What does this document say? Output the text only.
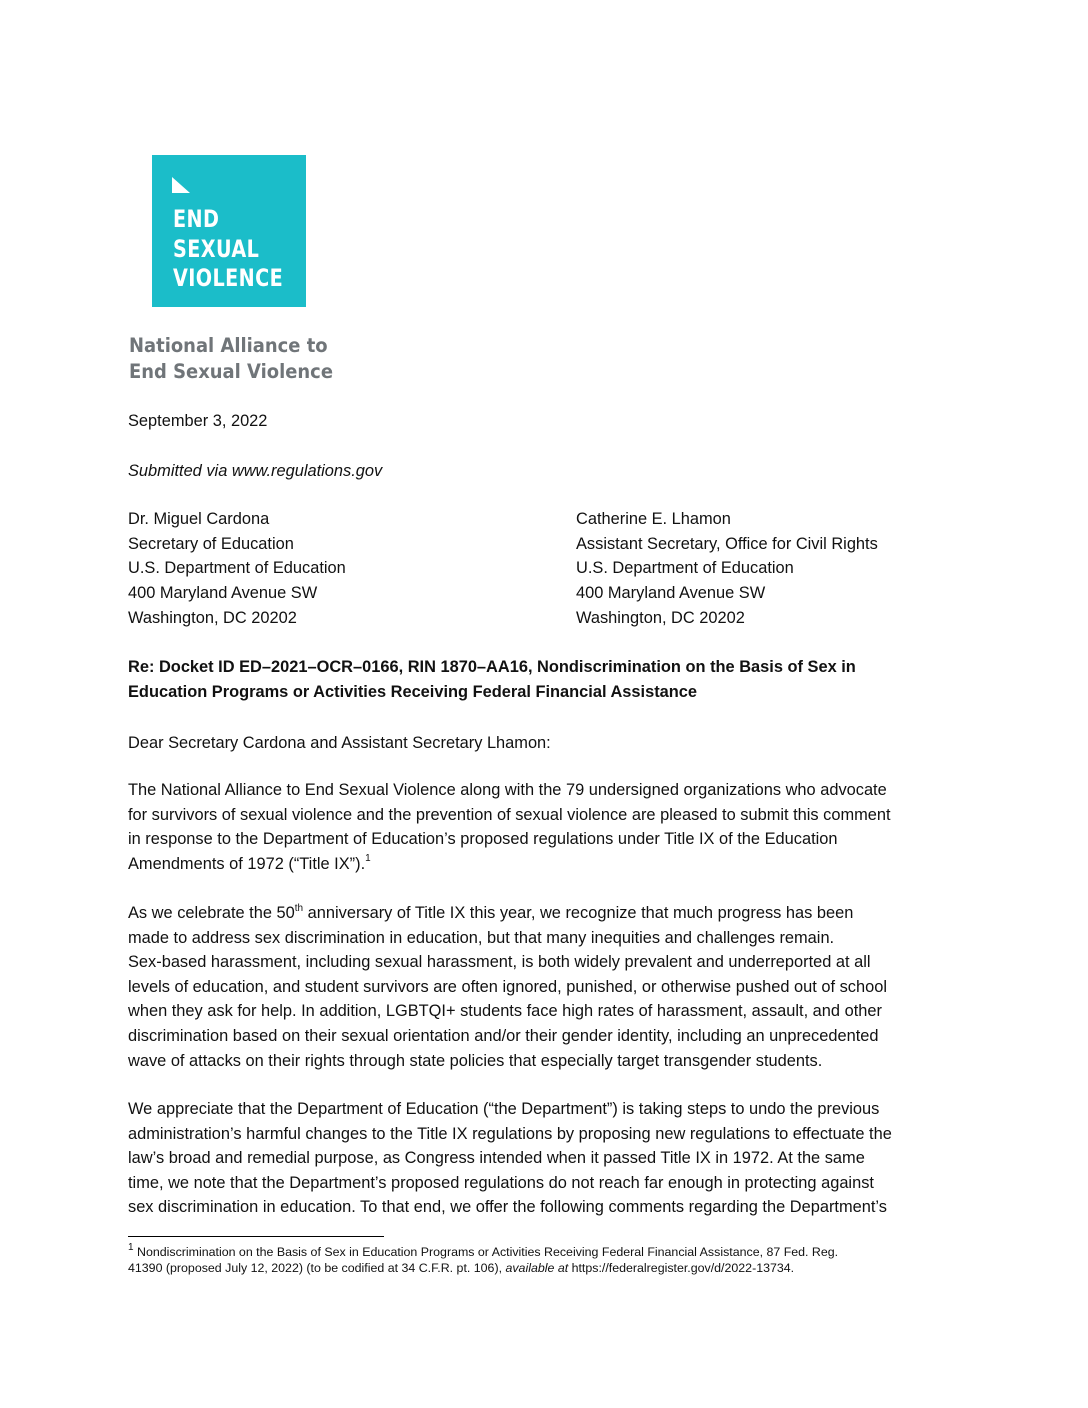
END
SEXUAL
VIOLENCE
National Alliance to
End Sexual Violence
September 3, 2022
Submitted via www.regulations.gov
Dr. Miguel Cardona
Secretary of Education
U.S. Department of Education
400 Maryland Avenue SW
Washington, DC 20202
Catherine E. Lhamon
Assistant Secretary, Office for Civil Rights
U.S. Department of Education
400 Maryland Avenue SW
Washington, DC 20202
Re: Docket ID ED–2021–OCR–0166, RIN 1870–AA16, Nondiscrimination on the Basis of Sex in
Education Programs or Activities Receiving Federal Financial Assistance
Dear Secretary Cardona and Assistant Secretary Lhamon:
The National Alliance to End Sexual Violence along with the 79 undersigned organizations who advocate
for survivors of sexual violence and the prevention of sexual violence are pleased to submit this comment
in response to the Department of Education’s proposed regulations under Title IX of the Education
Amendments of 1972 (“Title IX”).$^1$
As we celebrate the 50th anniversary of Title IX this year, we recognize that much progress has been
made to address sex discrimination in education, but that many inequities and challenges remain.
Sex-based harassment, including sexual harassment, is both widely prevalent and underreported at all
levels of education, and student survivors are often ignored, punished, or otherwise pushed out of school
when they ask for help. In addition, LGBTQI+ students face high rates of harassment, assault, and other
discrimination based on their sexual orientation and/or their gender identity, including an unprecedented
wave of attacks on their rights through state policies that especially target transgender students.
We appreciate that the Department of Education (“the Department”) is taking steps to undo the previous
administration’s harmful changes to the Title IX regulations by proposing new regulations to effectuate the
law’s broad and remedial purpose, as Congress intended when it passed Title IX in 1972. At the same
time, we note that the Department’s proposed regulations do not reach far enough in protecting against
sex discrimination in education. To that end, we offer the following comments regarding the Department’s
$^1$ Nondiscrimination on the Basis of Sex in Education Programs or Activities Receiving Federal Financial Assistance, 87 Fed. Reg.
41390 (proposed July 12, 2022) (to be codified at 34 C.F.R. pt. 106), available at https://federalregister.gov/d/2022-13734.
